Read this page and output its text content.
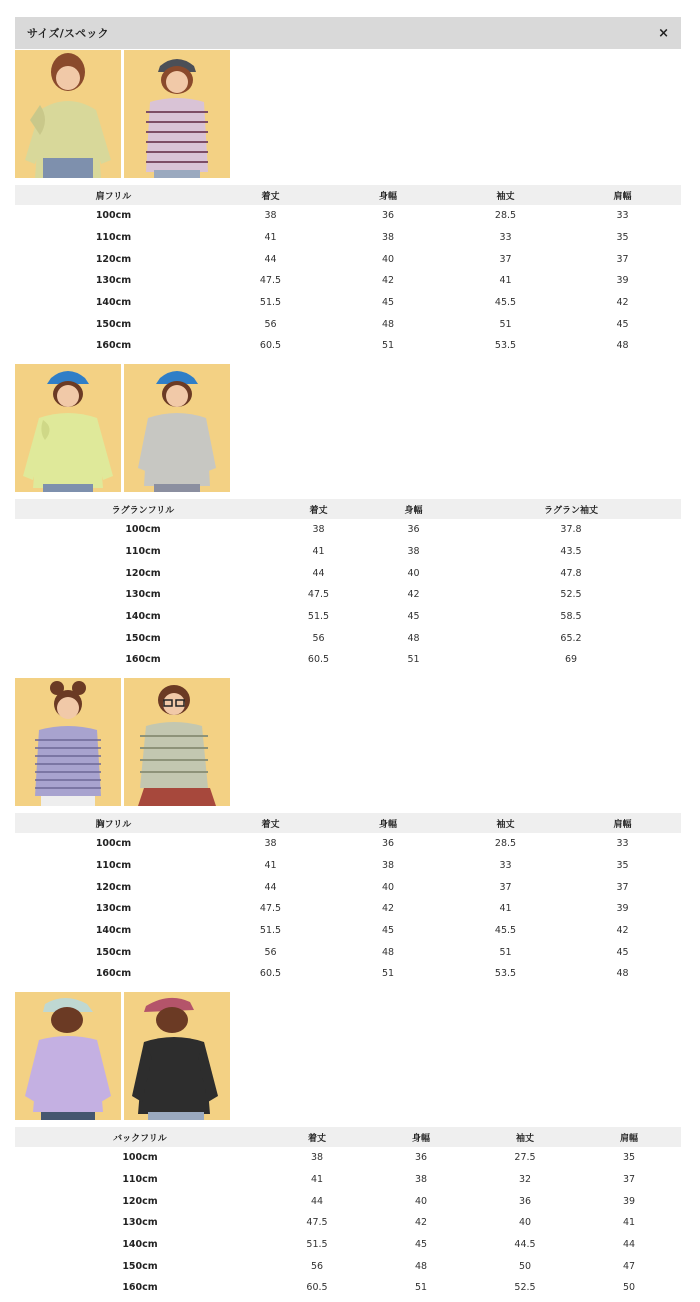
サイズ/スペック	×
肩フリル	着丈	身幅	袖丈	肩幅
100cm	38	36	28.5	33
110cm	41	38	33	35
120cm	44	40	37	37
130cm	47.5	42	41	39
140cm	51.5	45	45.5	42
150cm	56	48	51	45
160cm	60.5	51	53.5	48
ラグランフリル	着丈	身幅	ラグラン袖丈
100cm	38	36	37.8
110cm	41	38	43.5
120cm	44	40	47.8
130cm	47.5	42	52.5
140cm	51.5	45	58.5
150cm	56	48	65.2
160cm	60.5	51	69
胸フリル	着丈	身幅	袖丈	肩幅
100cm	38	36	28.5	33
110cm	41	38	33	35
120cm	44	40	37	37
130cm	47.5	42	41	39
140cm	51.5	45	45.5	42
150cm	56	48	51	45
160cm	60.5	51	53.5	48
バックフリル	着丈	身幅	袖丈	肩幅
100cm	38	36	27.5	35
110cm	41	38	32	37
120cm	44	40	36	39
130cm	47.5	42	40	41
140cm	51.5	45	44.5	44
150cm	56	48	50	47
160cm	60.5	51	52.5	50
